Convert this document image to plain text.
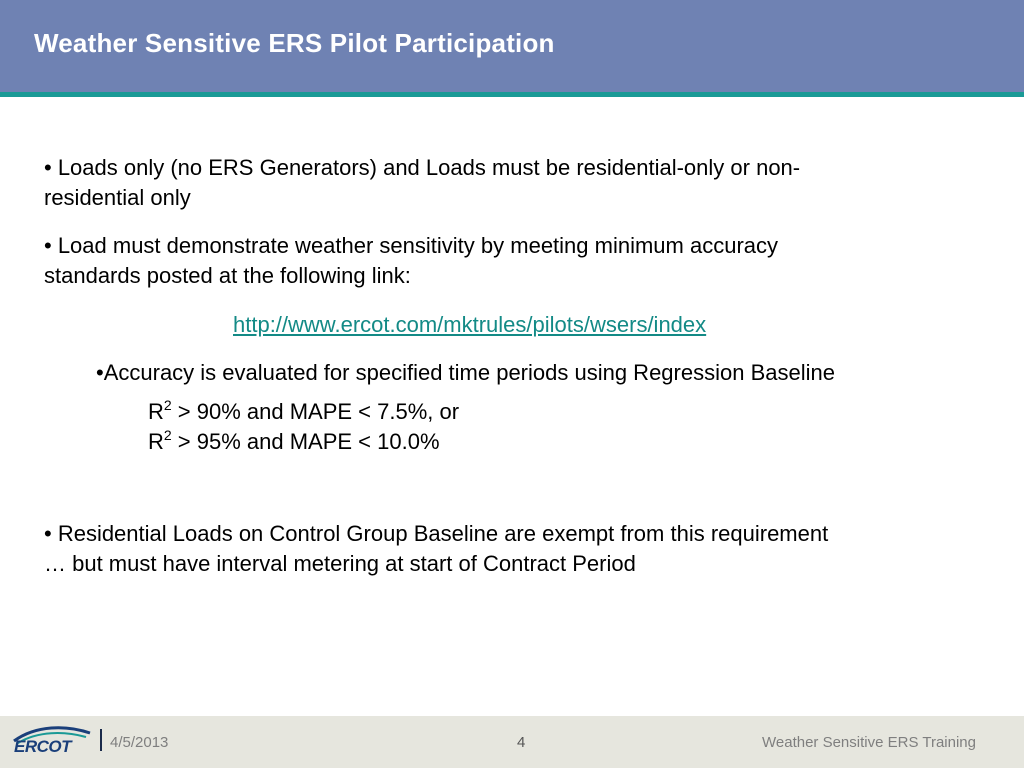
Weather Sensitive ERS Pilot Participation

• Loads only (no ERS Generators) and Loads must be residential-only or non-

residential only

• Load must demonstrate weather sensitivity by meeting minimum accuracy

standards posted at the following link:

http://www.ercot.com/mktrules/pilots/wsers/index

•Accuracy is evaluated for specified time periods using Regression Baseline

$R^2 > 90\%$ and MAPE < 7.5%, or

$R^2 > 95\%$ and MAPE < 10.0%

• Residential Loads on Control Group Baseline are exempt from this requirement

… but must have interval metering at start of Contract Period

ERCOT	4/5/2013	4	Weather Sensitive ERS Training
